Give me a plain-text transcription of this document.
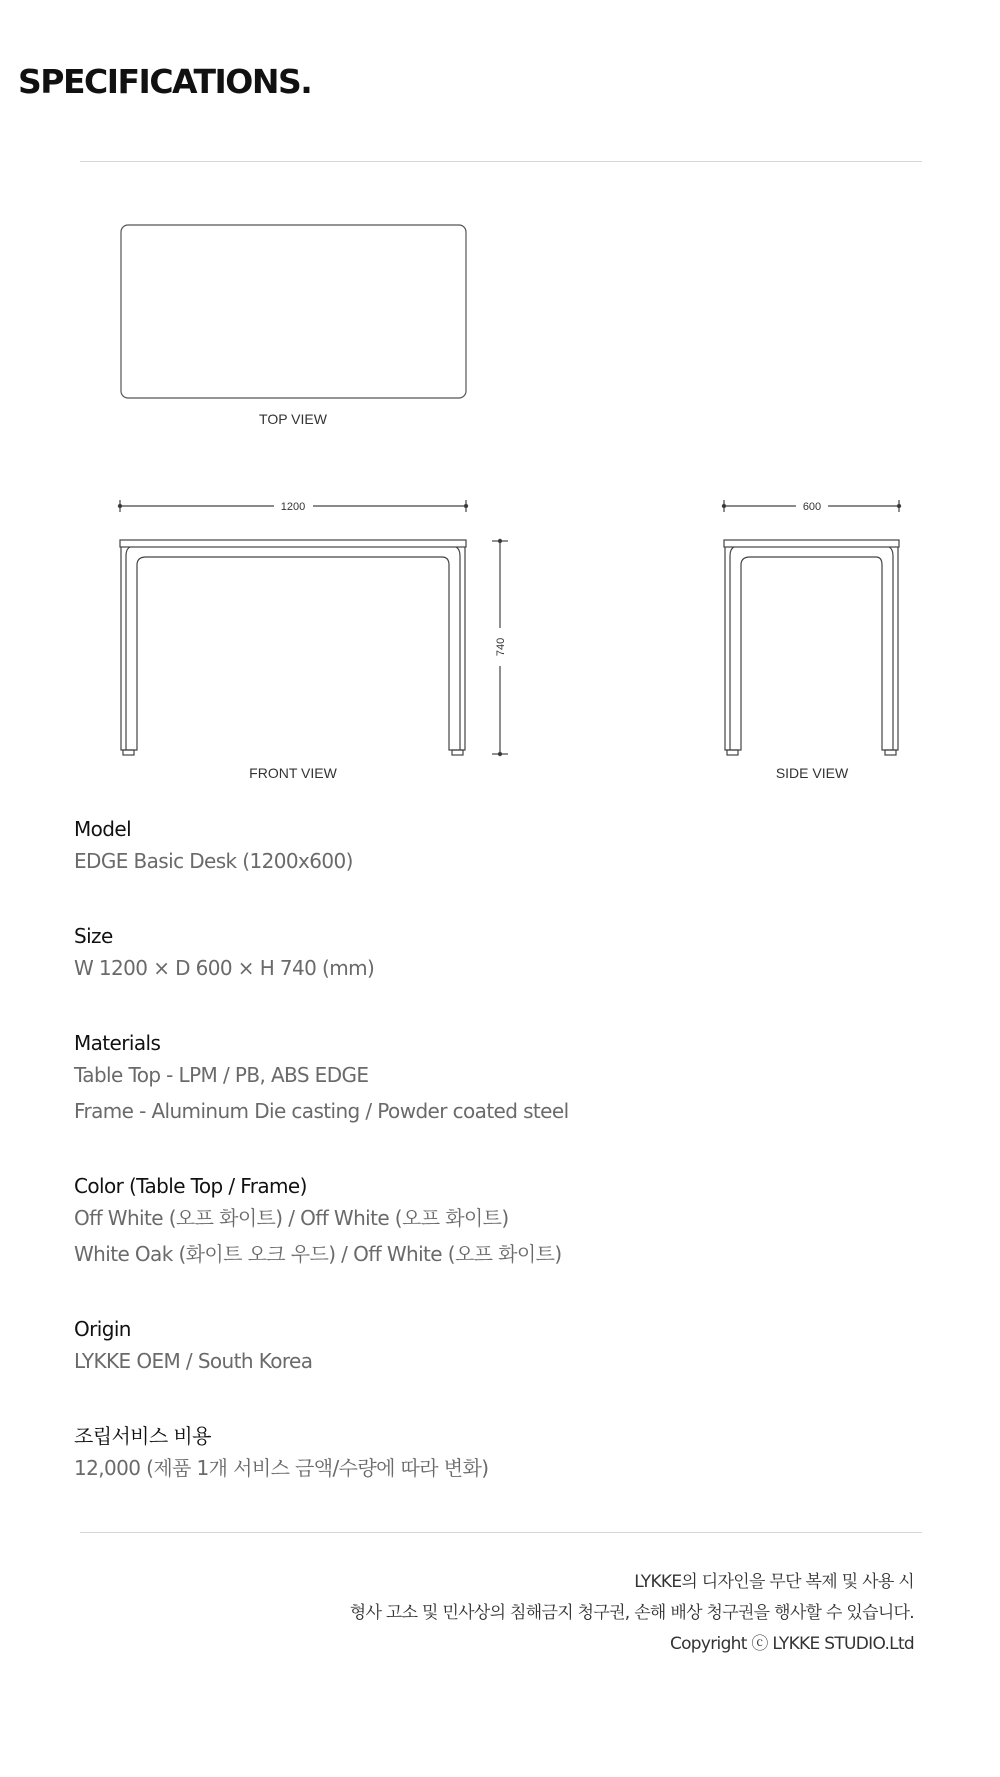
SPECIFICATIONS.
TOP VIEW
1200
740
FRONT VIEW
600
SIDE VIEW
Model
EDGE Basic Desk (1200x600)
Size
W 1200 × D 600 × H 740 (mm)
Materials
Table Top - LPM / PB, ABS EDGE
Frame - Aluminum Die casting / Powder coated steel
Color (Table Top / Frame)
Off White (오프 화이트) / Off White (오프 화이트)
White Oak (화이트 오크 우드) / Off White (오프 화이트)
Origin
LYKKE OEM / South Korea
조립서비스 비용
12,000 (제품 1개 서비스 금액/수량에 따라 변화)
LYKKE의 디자인을 무단 복제 및 사용 시
형사 고소 및 민사상의 침해금지 청구권, 손해 배상 청구권을 행사할 수 있습니다.
Copyright ⓒ LYKKE STUDIO.Ltd
